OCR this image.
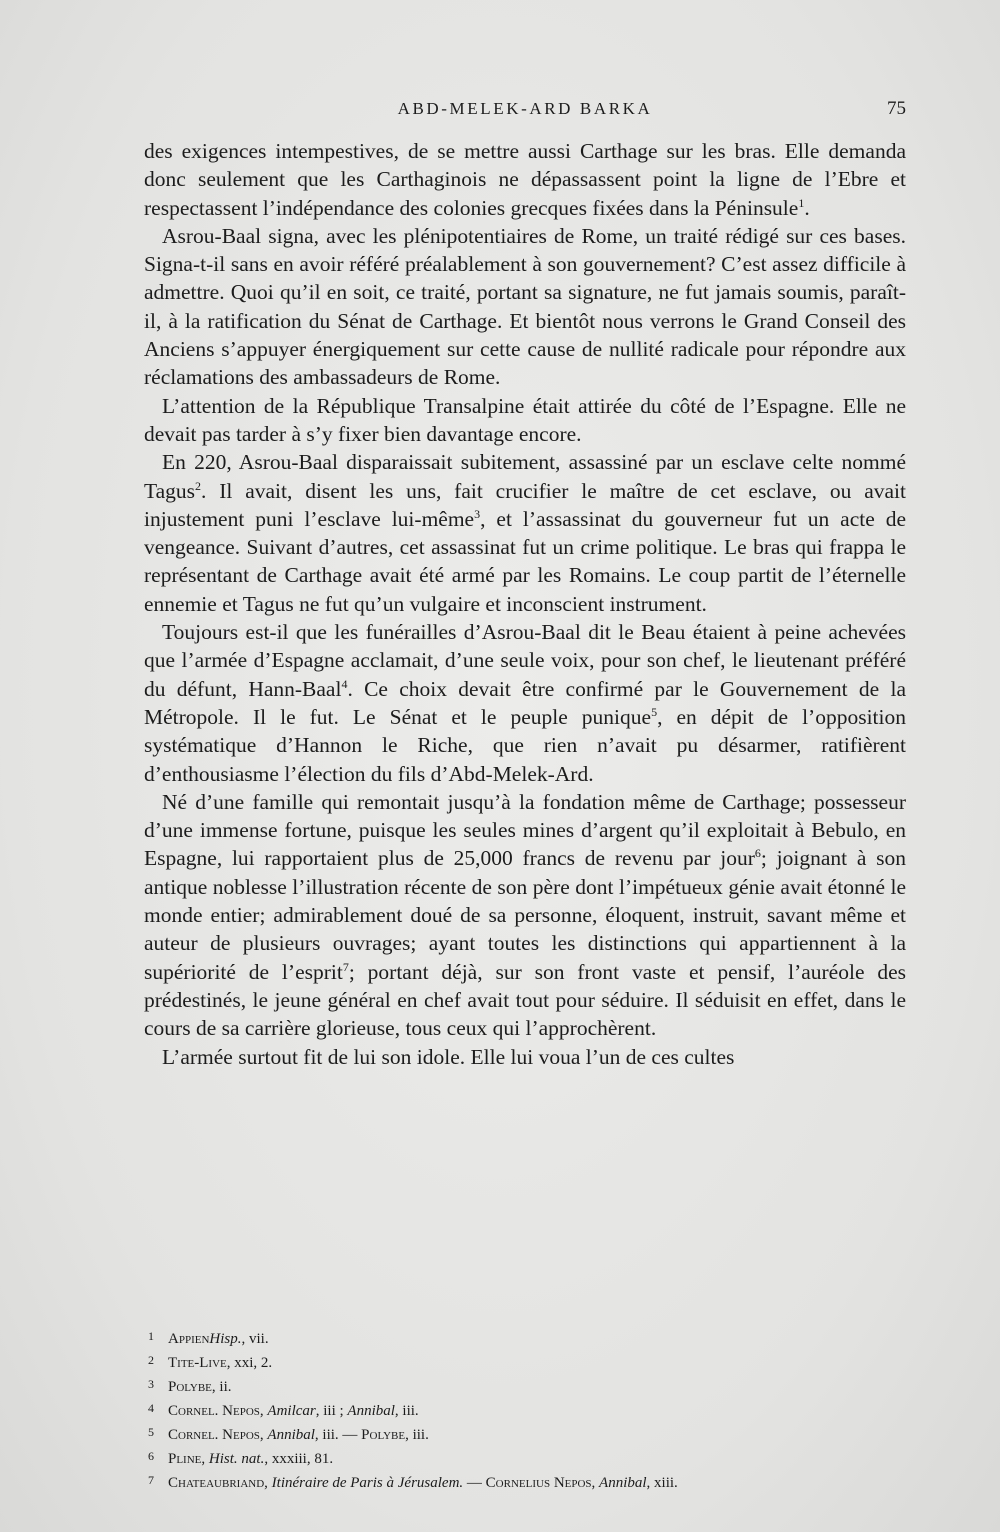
ABD-MELEK-ARD BARKA	75

des exigences intempestives, de se mettre aussi Carthage sur les bras. Elle demanda donc seulement que les Carthaginois ne dépassassent point la ligne de l’Ebre et respectassent l’indépendance des colonies grecques fixées dans la Péninsule$^1$.

Asrou-Baal signa, avec les plénipotentiaires de Rome, un traité rédigé sur ces bases. Signa-t-il sans en avoir référé préalablement à son gouvernement? C’est assez difficile à admettre. Quoi qu’il en soit, ce traité, portant sa signature, ne fut jamais soumis, paraît-il, à la ratification du Sénat de Carthage. Et bientôt nous verrons le Grand Conseil des Anciens s’appuyer énergiquement sur cette cause de nullité radicale pour répondre aux réclamations des ambassadeurs de Rome.

L’attention de la République Transalpine était attirée du côté de l’Espagne. Elle ne devait pas tarder à s’y fixer bien davantage encore.

En 220, Asrou-Baal disparaissait subitement, assassiné par un esclave celte nommé Tagus$^2$. Il avait, disent les uns, fait crucifier le maître de cet esclave, ou avait injustement puni l’esclave lui-même$^3$, et l’assassinat du gouverneur fut un acte de vengeance. Suivant d’autres, cet assassinat fut un crime politique. Le bras qui frappa le représentant de Carthage avait été armé par les Romains. Le coup partit de l’éternelle ennemie et Tagus ne fut qu’un vulgaire et inconscient instrument.

Toujours est-il que les funérailles d’Asrou-Baal dit le Beau étaient à peine achevées que l’armée d’Espagne acclamait, d’une seule voix, pour son chef, le lieutenant préféré du défunt, Hann-Baal$^4$. Ce choix devait être confirmé par le Gouvernement de la Métropole. Il le fut. Le Sénat et le peuple punique$^5$, en dépit de l’opposition systématique d’Hannon le Riche, que rien n’avait pu désarmer, ratifièrent d’enthousiasme l’élection du fils d’Abd-Melek-Ard.

Né d’une famille qui remontait jusqu’à la fondation même de Carthage; possesseur d’une immense fortune, puisque les seules mines d’argent qu’il exploitait à Bebulo, en Espagne, lui rapportaient plus de 25,000 francs de revenu par jour$^6$; joignant à son antique noblesse l’illustration récente de son père dont l’impétueux génie avait étonné le monde entier; admirablement doué de sa personne, éloquent, instruit, savant même et auteur de plusieurs ouvrages; ayant toutes les distinctions qui appartiennent à la supériorité de l’esprit$^7$; portant déjà, sur son front vaste et pensif, l’auréole des prédestinés, le jeune général en chef avait tout pour séduire. Il séduisit en effet, dans le cours de sa carrière glorieuse, tous ceux qui l’approchèrent.

L’armée surtout fit de lui son idole. Elle lui voua l’un de ces cultes

1 AppienHisp., vii.
2 Tite-Live, xxi, 2.
3 Polybe, ii.
4 Cornel. Nepos, Amilcar, iii ; Annibal, iii.
5 Cornel. Nepos, Annibal, iii. — Polybe, iii.
6 Pline, Hist. nat., xxxiii, 81.
7 Chateaubriand, Itinéraire de Paris à Jérusalem. — Cornelius Nepos, Annibal, xiii.
